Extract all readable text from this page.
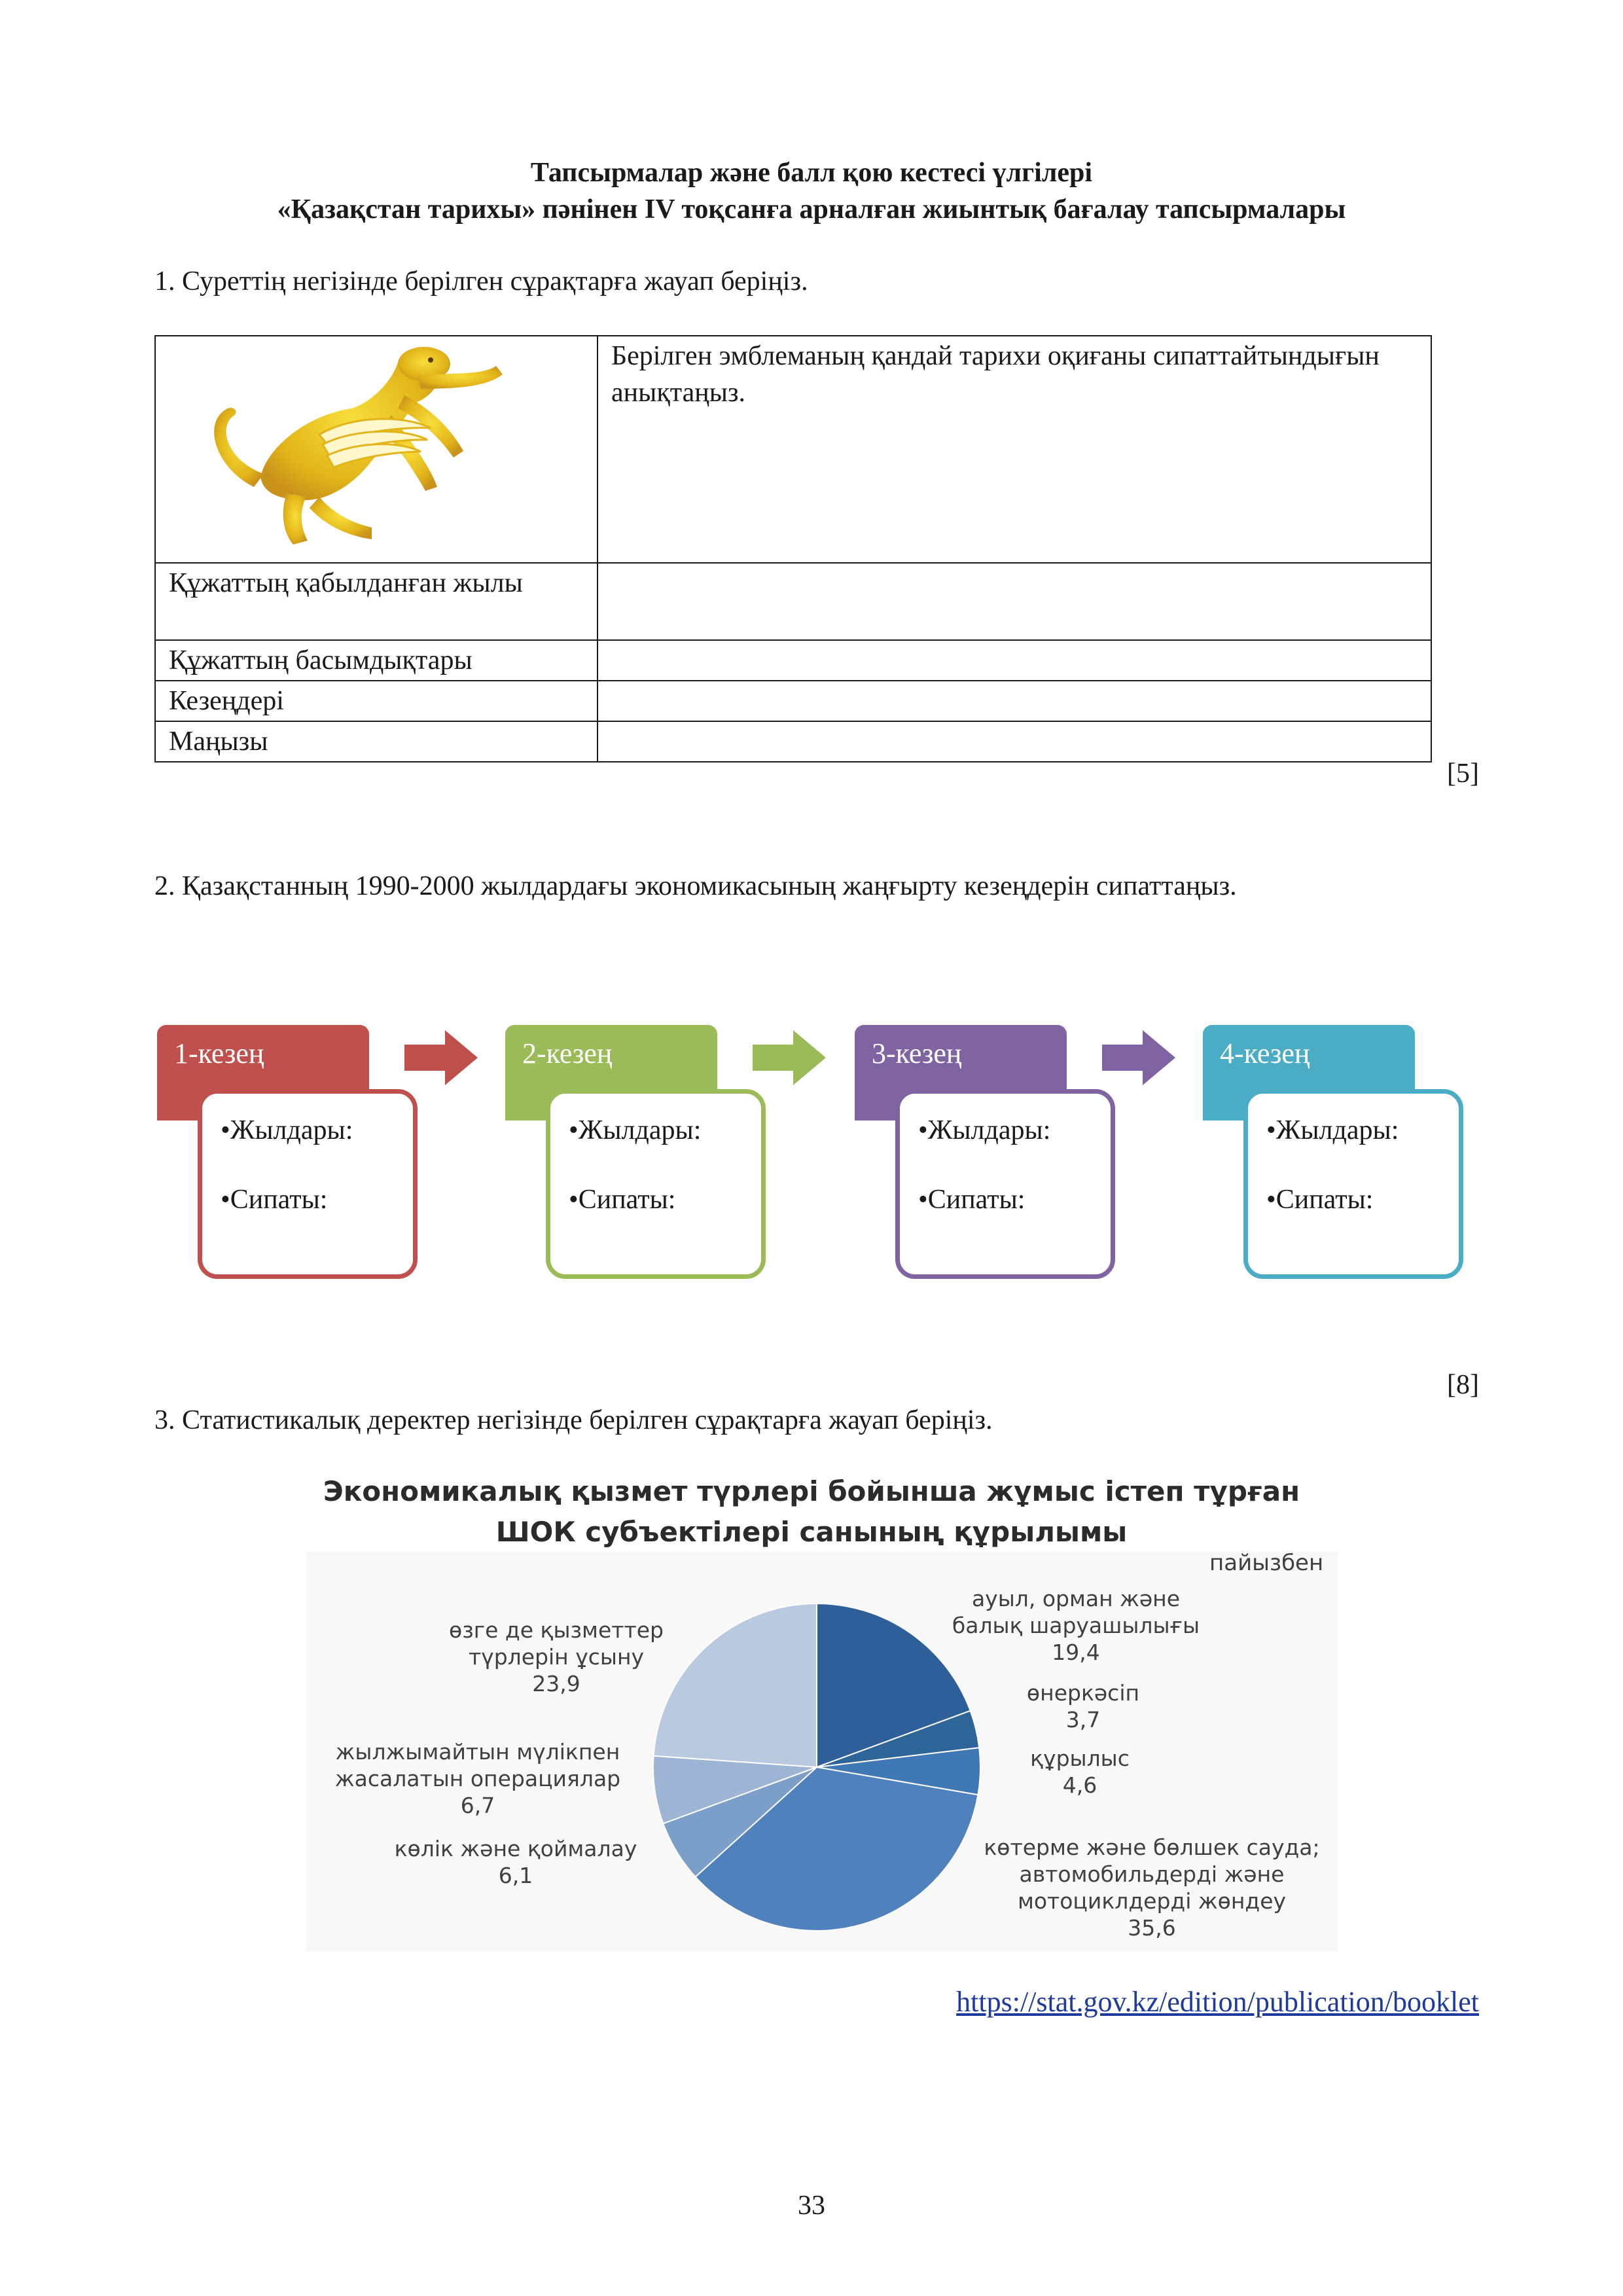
Тапсырмалар және балл қою кестесі үлгілері
«Қазақстан тарихы» пәнінен IV тоқсанға арналған жиынтық бағалау тапсырмалары
1. Суреттің негізінде берілген сұрақтарға жауап беріңіз.
	Берілген эмблеманың қандай тарихи оқиғаны сипаттайтындығын анықтаңыз.
Құжаттың қабылданған жылы	
Құжаттың басымдықтары	
Кезеңдері	
Маңызы	
[5]
2. Қазақстанның 1990-2000 жылдардағы экономикасының жаңғырту кезеңдерін сипаттаңыз.
1-кезең

•Жылдары:

•Сипаты:

2-кезең

•Жылдары:

•Сипаты:

3-кезең

•Жылдары:

•Сипаты:

4-кезең

•Жылдары:

•Сипаты:

[8]
3. Статистикалық деректер негізінде берілген сұрақтарға жауап беріңіз.
Экономикалық қызмет түрлері бойынша жұмыс істеп тұрған
ШОК субъектілері санының құрылымы
пайызбен
ауыл, орман және
балық шаруашылығы
19,4
өнеркәсіп
3,7
құрылыс
4,6
көтерме және бөлшек сауда;
автомобильдерді және
мотоциклдерді жөндеу
35,6
көлік және қоймалау
6,1
жылжымайтын мүлікпен
жасалатын операциялар
6,7
өзге де қызметтер
түрлерін ұсыну
23,9
https://stat.gov.kz/edition/publication/booklet
33
